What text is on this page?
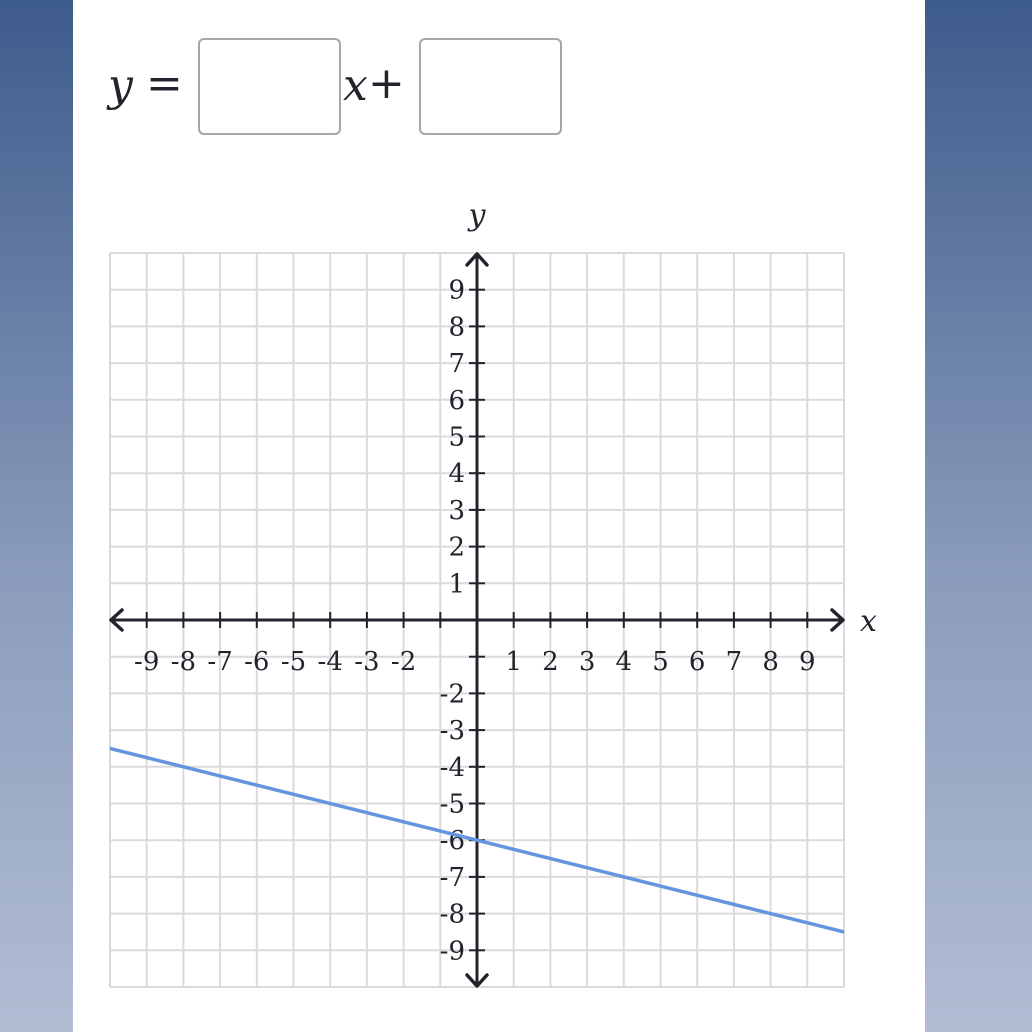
y =	x +
-9 -8 -7 -6 -5 -4 -3 -2	1 2 3 4 5 6 7 8 9
9
8
7
6
5
4
3
2
1
-2
-3
-4
-5
-6
-7
-8
-9
x
y
